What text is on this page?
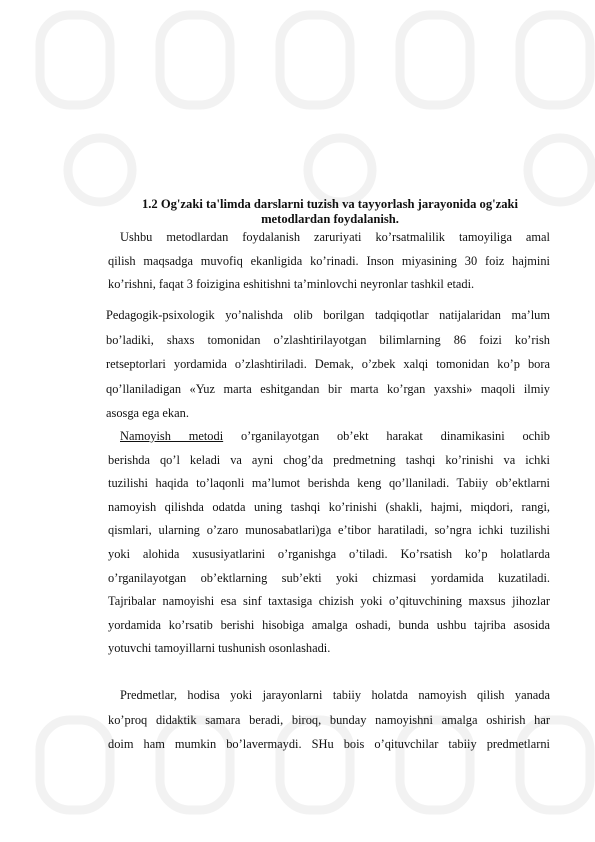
1.2 Og'zaki ta'limda darslarni tuzish va tayyorlash jarayonida og'zaki
metodlardan foydalanish.

Ushbu metodlardan foydalanish zaruriyati ko’rsatmalilik tamoyiliga amal

qilish maqsadga muvofiq ekanligida ko’rinadi. Inson miyasining 30 foiz hajmini
ko’rishni, faqat 3 foizigina eshitishni ta’minlovchi neyronlar tashkil etadi.

Pedagogik-psixologik yo’nalishda olib borilgan tadqiqotlar natijalaridan ma’lum
bo’ladiki, shaxs tomonidan o’zlashtirilayotgan bilimlarning 86 foizi ko’rish
retseptorlari yordamida o’zlashtiriladi. Demak, o’zbek xalqi tomonidan ko’p bora
qo’llaniladigan «Yuz marta eshitgandan bir marta ko’rgan yaxshi» maqoli ilmiy
asosga ega ekan.

Namoyish metodi o’rganilayotgan ob’ekt harakat dinamikasini ochib
berishda qo’l keladi va ayni chog’da predmetning tashqi ko’rinishi va ichki
tuzilishi haqida to’laqonli ma’lumot berishda keng qo’llaniladi. Tabiiy ob’ektlarni
namoyish qilishda odatda uning tashqi ko’rinishi (shakli, hajmi, miqdori, rangi,
qismlari, ularning o’zaro munosabatlari)ga e’tibor haratiladi, so’ngra ichki tuzilishi
yoki alohida xususiyatlarini o’rganishga o’tiladi. Ko’rsatish ko’p holatlarda
o’rganilayotgan ob’ektlarning sub’ekti yoki chizmasi yordamida kuzatiladi.
Tajribalar namoyishi esa sinf taxtasiga chizish yoki o’qituvchining maxsus jihozlar
yordamida ko’rsatib berishi hisobiga amalga oshadi, bunda ushbu tajriba asosida
yotuvchi tamoyillarni tushunish osonlashadi.

Predmetlar, hodisa yoki jarayonlarni tabiiy holatda namoyish qilish yanada
ko’proq didaktik samara beradi, biroq, bunday namoyishni amalga oshirish har
doim ham mumkin bo’lavermaydi. SHu bois o’qituvchilar tabiiy predmetlarni
